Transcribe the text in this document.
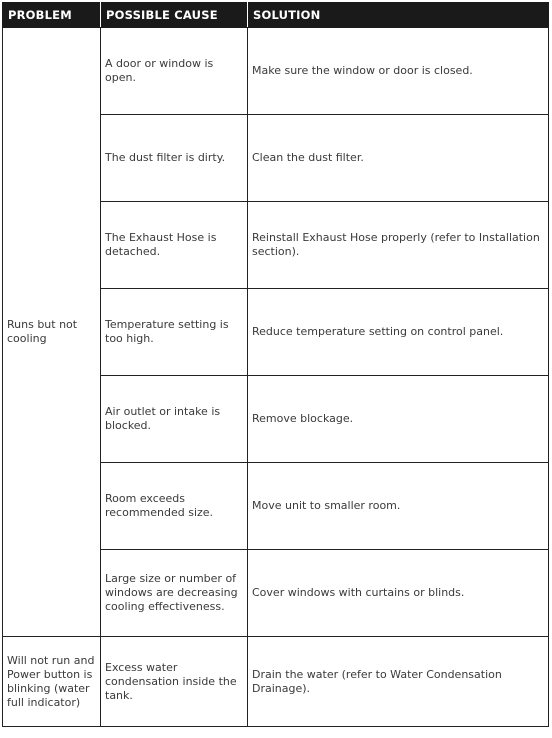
PROBLEM	POSSIBLE CAUSE	SOLUTION
Runs but not cooling	A door or window is open.	Make sure the window or door is closed.
	The dust filter is dirty.	Clean the dust filter.
	The Exhaust Hose is detached.	Reinstall Exhaust Hose properly (refer to Installation section).
	Temperature setting is too high.	Reduce temperature setting on control panel.
	Air outlet or intake is blocked.	Remove blockage.
	Room exceeds recommended size.	Move unit to smaller room.
	Large size or number of windows are decreasing cooling effectiveness.	Cover windows with curtains or blinds.
Will not run and Power button is blinking (water full indicator)	Excess water condensation inside the tank.	Drain the water (refer to Water Condensation Drainage).
